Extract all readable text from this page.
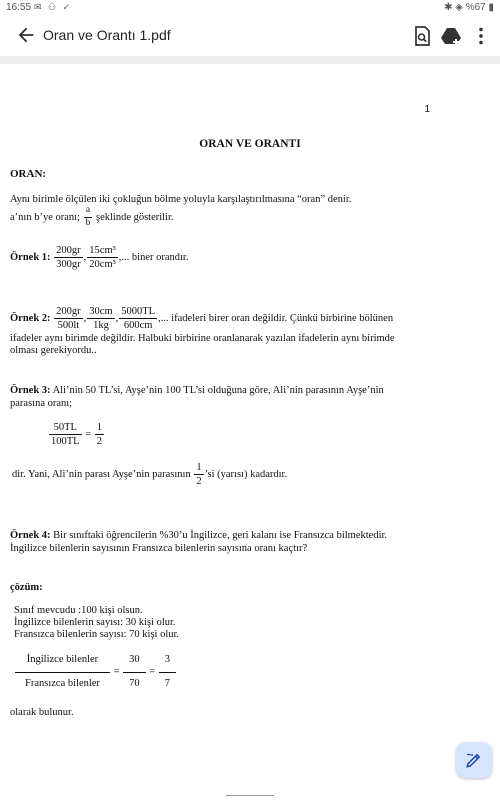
16:55 ✉ ⚇ ✓	✱ ◈ %67 ▮
Oran ve Orantı 1.pdf
1
ORAN VE ORANTI
ORAN:
Aynı birimle ölçülen iki çokluğun bölme yoluyla karşılaştırılmasına “oran” denir.
a’nın b’ye oranı; $\frac{a}{b}$ şeklinde gösterilir.
Örnek 1: $\frac{200gr}{300gr}$ , $\frac{\text{15cm³}}{\text{20cm³}}$ ,... biner orandır.
Örnek 2: $\frac{200gr}{500lt}$ , $\frac{30cm}{1kg}$ , $\frac{5000TL}{600cm}$ ,... ifadeleri birer oran değildir. Çünkü birbirine bölünen
ifadeler aynı birimde değildir. Halbuki birbirine oranlanarak yazılan ifadelerin aynı birimde
olması gerekiyordu..
Örnek 3: Ali’nin 50 TL’si, Ayşe’nin 100 TL’si olduğuna göre, Ali’nin parasının Ayşe’nin
parasına oranı;
$\frac{50TL}{100TL} = \frac{1}{2}$
dir. Yani, Ali’nin parası Ayşe’nin parasının $\frac{1}{2}$ ’si (yarısı) kadardır.
Örnek 4: Bir sınıftaki öğrencilerin %30’u İngilizce, geri kalanı ise Fransızca bilmektedir.
İngilizce bilenlerin sayısının Fransızca bilenlerin sayısına oranı kaçtır?
çözüm:
Sınıf mevcudu :100 kişi olsun.
İngilizce bilenlerin sayısı: 30 kişi olur.
Fransızca bilenlerin sayısı: 70 kişi olur.
$\frac{\text{İngilizce bilenler}}{\text{Fransızca bilenler}} = \frac{30}{70} = \frac{3}{7}$
olarak bulunur.
